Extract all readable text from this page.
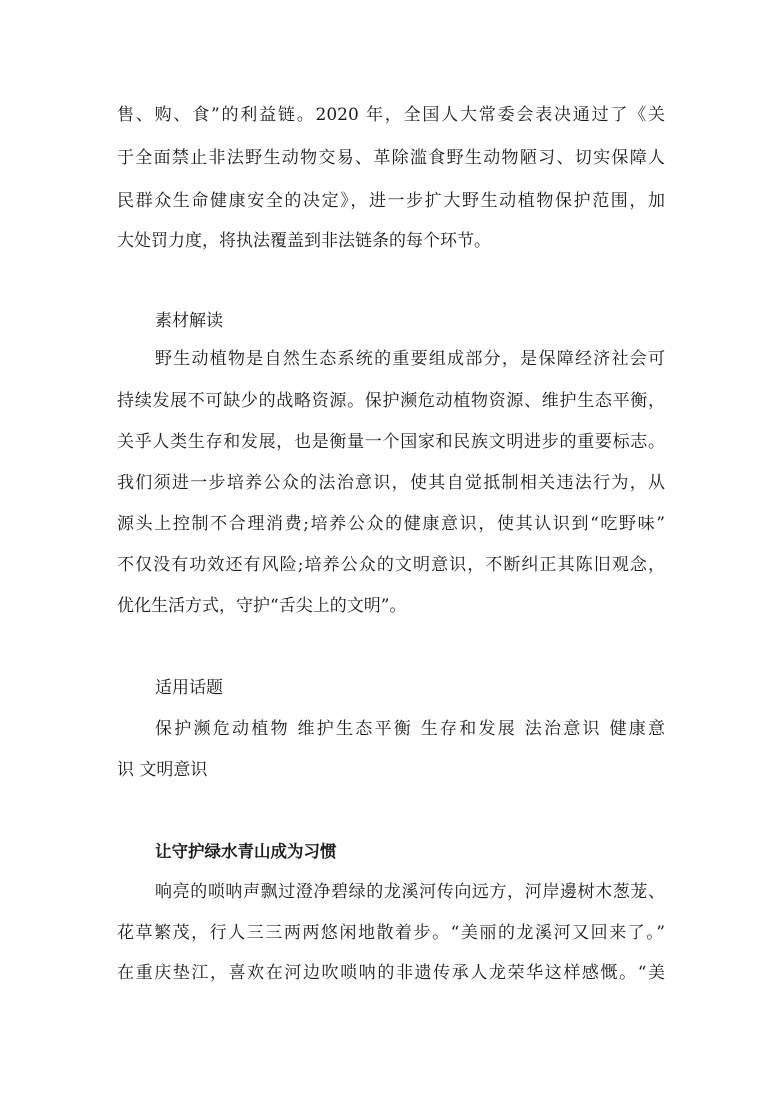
售、购、食”的利益链。2020 年，全国人大常委会表决通过了《关
于全面禁止非法野生动物交易、革除滥食野生动物陋习、切实保障人
民群众生命健康安全的决定》，进一步扩大野生动植物保护范围，加
大处罚力度，将执法覆盖到非法链条的每个环节。
素材解读
野生动植物是自然生态系统的重要组成部分，是保障经济社会可
持续发展不可缺少的战略资源。保护濒危动植物资源、维护生态平衡，
关乎人类生存和发展，也是衡量一个国家和民族文明进步的重要标志。
我们须进一步培养公众的法治意识，使其自觉抵制相关违法行为，从
源头上控制不合理消费;培养公众的健康意识，使其认识到“吃野味”
不仅没有功效还有风险;培养公众的文明意识，不断纠正其陈旧观念，
优化生活方式，守护“舌尖上的文明”。
适用话题
保护濒危动植物 维护生态平衡 生存和发展 法治意识 健康意
识 文明意识
让守护绿水青山成为习惯
响亮的唢呐声飘过澄净碧绿的龙溪河传向远方，河岸邊树木葱茏、
花草繁茂，行人三三两两悠闲地散着步。“美丽的龙溪河又回来了。”
在重庆垫江，喜欢在河边吹唢呐的非遗传承人龙荣华这样感慨。“美
